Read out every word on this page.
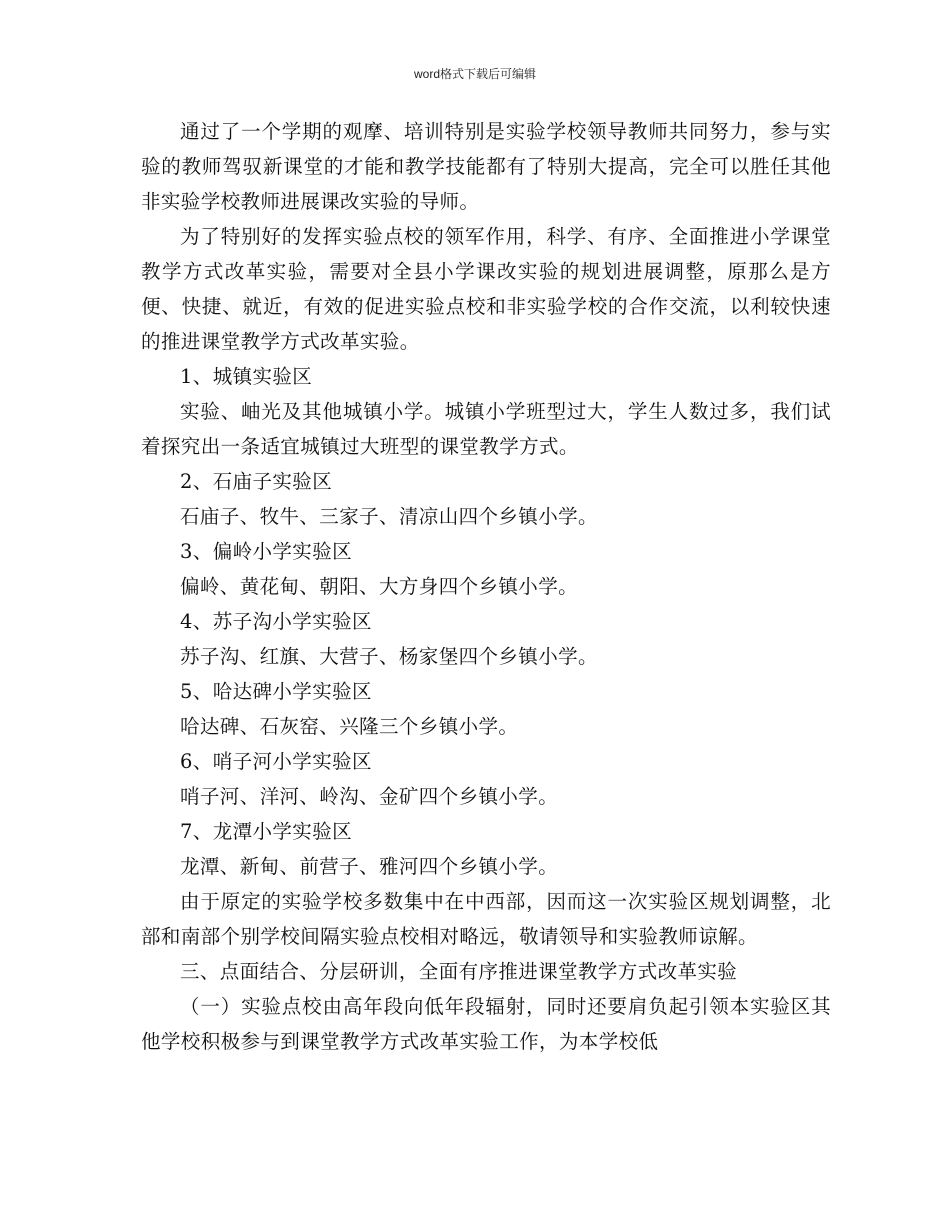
word格式下载后可编辑

通过了一个学期的观摩、培训特别是实验学校领导教师共同努力，参与实验的教师驾驭新课堂的才能和教学技能都有了特别大提高，完全可以胜任其他非实验学校教师进展课改实验的导师。

为了特别好的发挥实验点校的领军作用，科学、有序、全面推进小学课堂教学方式改革实验，需要对全县小学课改实验的规划进展调整，原那么是方便、快捷、就近，有效的促进实验点校和非实验学校的合作交流，以利较快速的推进课堂教学方式改革实验。

1、城镇实验区

实验、岫光及其他城镇小学。城镇小学班型过大，学生人数过多，我们试着探究出一条适宜城镇过大班型的课堂教学方式。

2、石庙子实验区

石庙子、牧牛、三家子、清凉山四个乡镇小学。

3、偏岭小学实验区

偏岭、黄花甸、朝阳、大方身四个乡镇小学。

4、苏子沟小学实验区

苏子沟、红旗、大营子、杨家堡四个乡镇小学。

5、哈达碑小学实验区

哈达碑、石灰窑、兴隆三个乡镇小学。

6、哨子河小学实验区

哨子河、洋河、岭沟、金矿四个乡镇小学。

7、龙潭小学实验区

龙潭、新甸、前营子、雅河四个乡镇小学。

由于原定的实验学校多数集中在中西部，因而这一次实验区规划调整，北部和南部个别学校间隔实验点校相对略远，敬请领导和实验教师谅解。

三、点面结合、分层研训，全面有序推进课堂教学方式改革实验

（一）实验点校由高年段向低年段辐射，同时还要肩负起引领本实验区其他学校积极参与到课堂教学方式改革实验工作，为本学校低
